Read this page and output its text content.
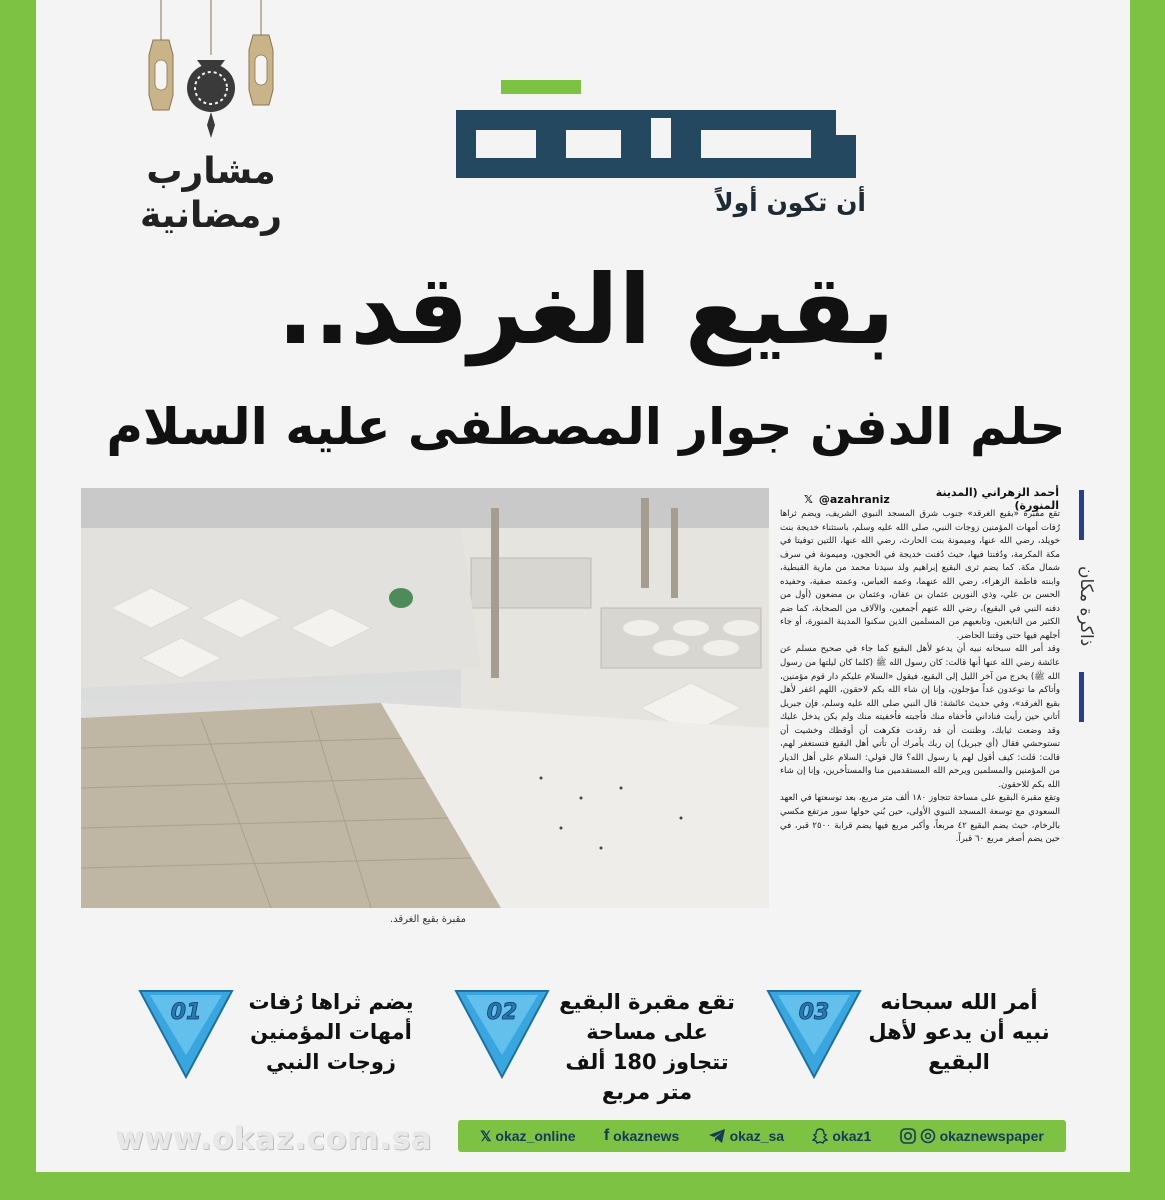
مشارب
رمضانية	أن تكون أولاً
بقيع الغرقد..
حلم الدفن جوار المصطفى عليه السلام
ذاكرة مكان
مقبرة بقيع الغرقد.
أحمد الزهراني (المدينة المنورة)
@azahraniz
𝕏

تقع مقبرة «بقيع الغرقد» جنوب شرق المسجد النبوي الشريف، ويضم ثراها رُفات أمهات المؤمنين زوجات النبي، صلى الله عليه وسلم، باستثناء خديجة بنت خويلد، رضي الله عنها، وميمونة بنت الحارث، رضي الله عنها، اللتين توفيتا في مكة المكرمة، ودُفنتا فيها، حيث دُفنت خديجة في الحجون، وميمونة في سرف شمال مكة. كما يضم ثرى البقيع إبراهيم ولد سيدنا محمد من مارية القبطية، وابنته فاطمة الزهراء، رضي الله عنهما، وعمه العباس، وعمته صفية، وحفيده الحسن بن علي، وذي النورين عثمان بن عفان، وعثمان بن مضعون (أول من دفنه النبي في البقيع)، رضي الله عنهم أجمعين، والآلاف من الصحابة، كما ضم الكثير من التابعين، وتابعيهم من المسلمين الذين سكنوا المدينة المنورة، أو جاء أجلهم فيها حتى وقتنا الحاضر.

وقد أمر الله سبحانه نبيه أن يدعو لأهل البقيع كما جاء في صحيح مسلم عن عائشة رضي الله عنها أنها قالت: كان رسول الله ﷺ (كلما كان ليلتها من رسول الله ﷺ) يخرج من آخر الليل إلى البقيع، فيقول «السلام عليكم دار قوم مؤمنين، وأتاكم ما توعدون غداً مؤجلون، وإنا إن شاء الله بكم لاحقون، اللهم اغفر لأهل بقيع الغرقد»، وفي حديث عائشة: قال النبي صلى الله عليه وسلم، فإن جبريل أتاني حين رأيت فناداني فأخفاه منك فأجبته فأخفيته منك ولم يكن يدخل عليك وقد وضعت ثيابك، وظننت أن قد رقدت فكرهت أن أوقظك وخشيت أن تستوحشي فقال (أي جبريل) إن ربك يأمرك أن تأتي أهل البقيع فتستغفر لهم، قالت: قلت: كيف أقول لهم يا رسول الله؟ قال قولي: السلام على أهل الديار من المؤمنين والمسلمين ويرحم الله المستقدمين منا والمستأخرين، وإنا إن شاء الله بكم للاحقون.

وتقع مقبرة البقيع على مساحة تتجاوز ١٨٠ ألف متر مربع، بعد توسعتها في العهد السعودي مع توسعة المسجد النبوي الأولى، حين بُني حولها سور مرتفع مكسي بالرخام، حيث يضم البقيع ٤٢ مربعاً، وأكبر مربع فيها يضم قرابة ٢٥٠٠ قبر، في حين يضم أصغر مربع ٦٠ قبراً.

03	أمر الله سبحانه نبيه أن يدعو لأهل البقيع
02	تقع مقبرة البقيع على مساحة تتجاوز 180 ألف متر مربع
01	يضم ثراها رُفات أمهات المؤمنين زوجات النبي
www.okaz.com.sa	𝕏 okaz_online f okaznews	okaz_sa	okaz1	okaznewspaper
